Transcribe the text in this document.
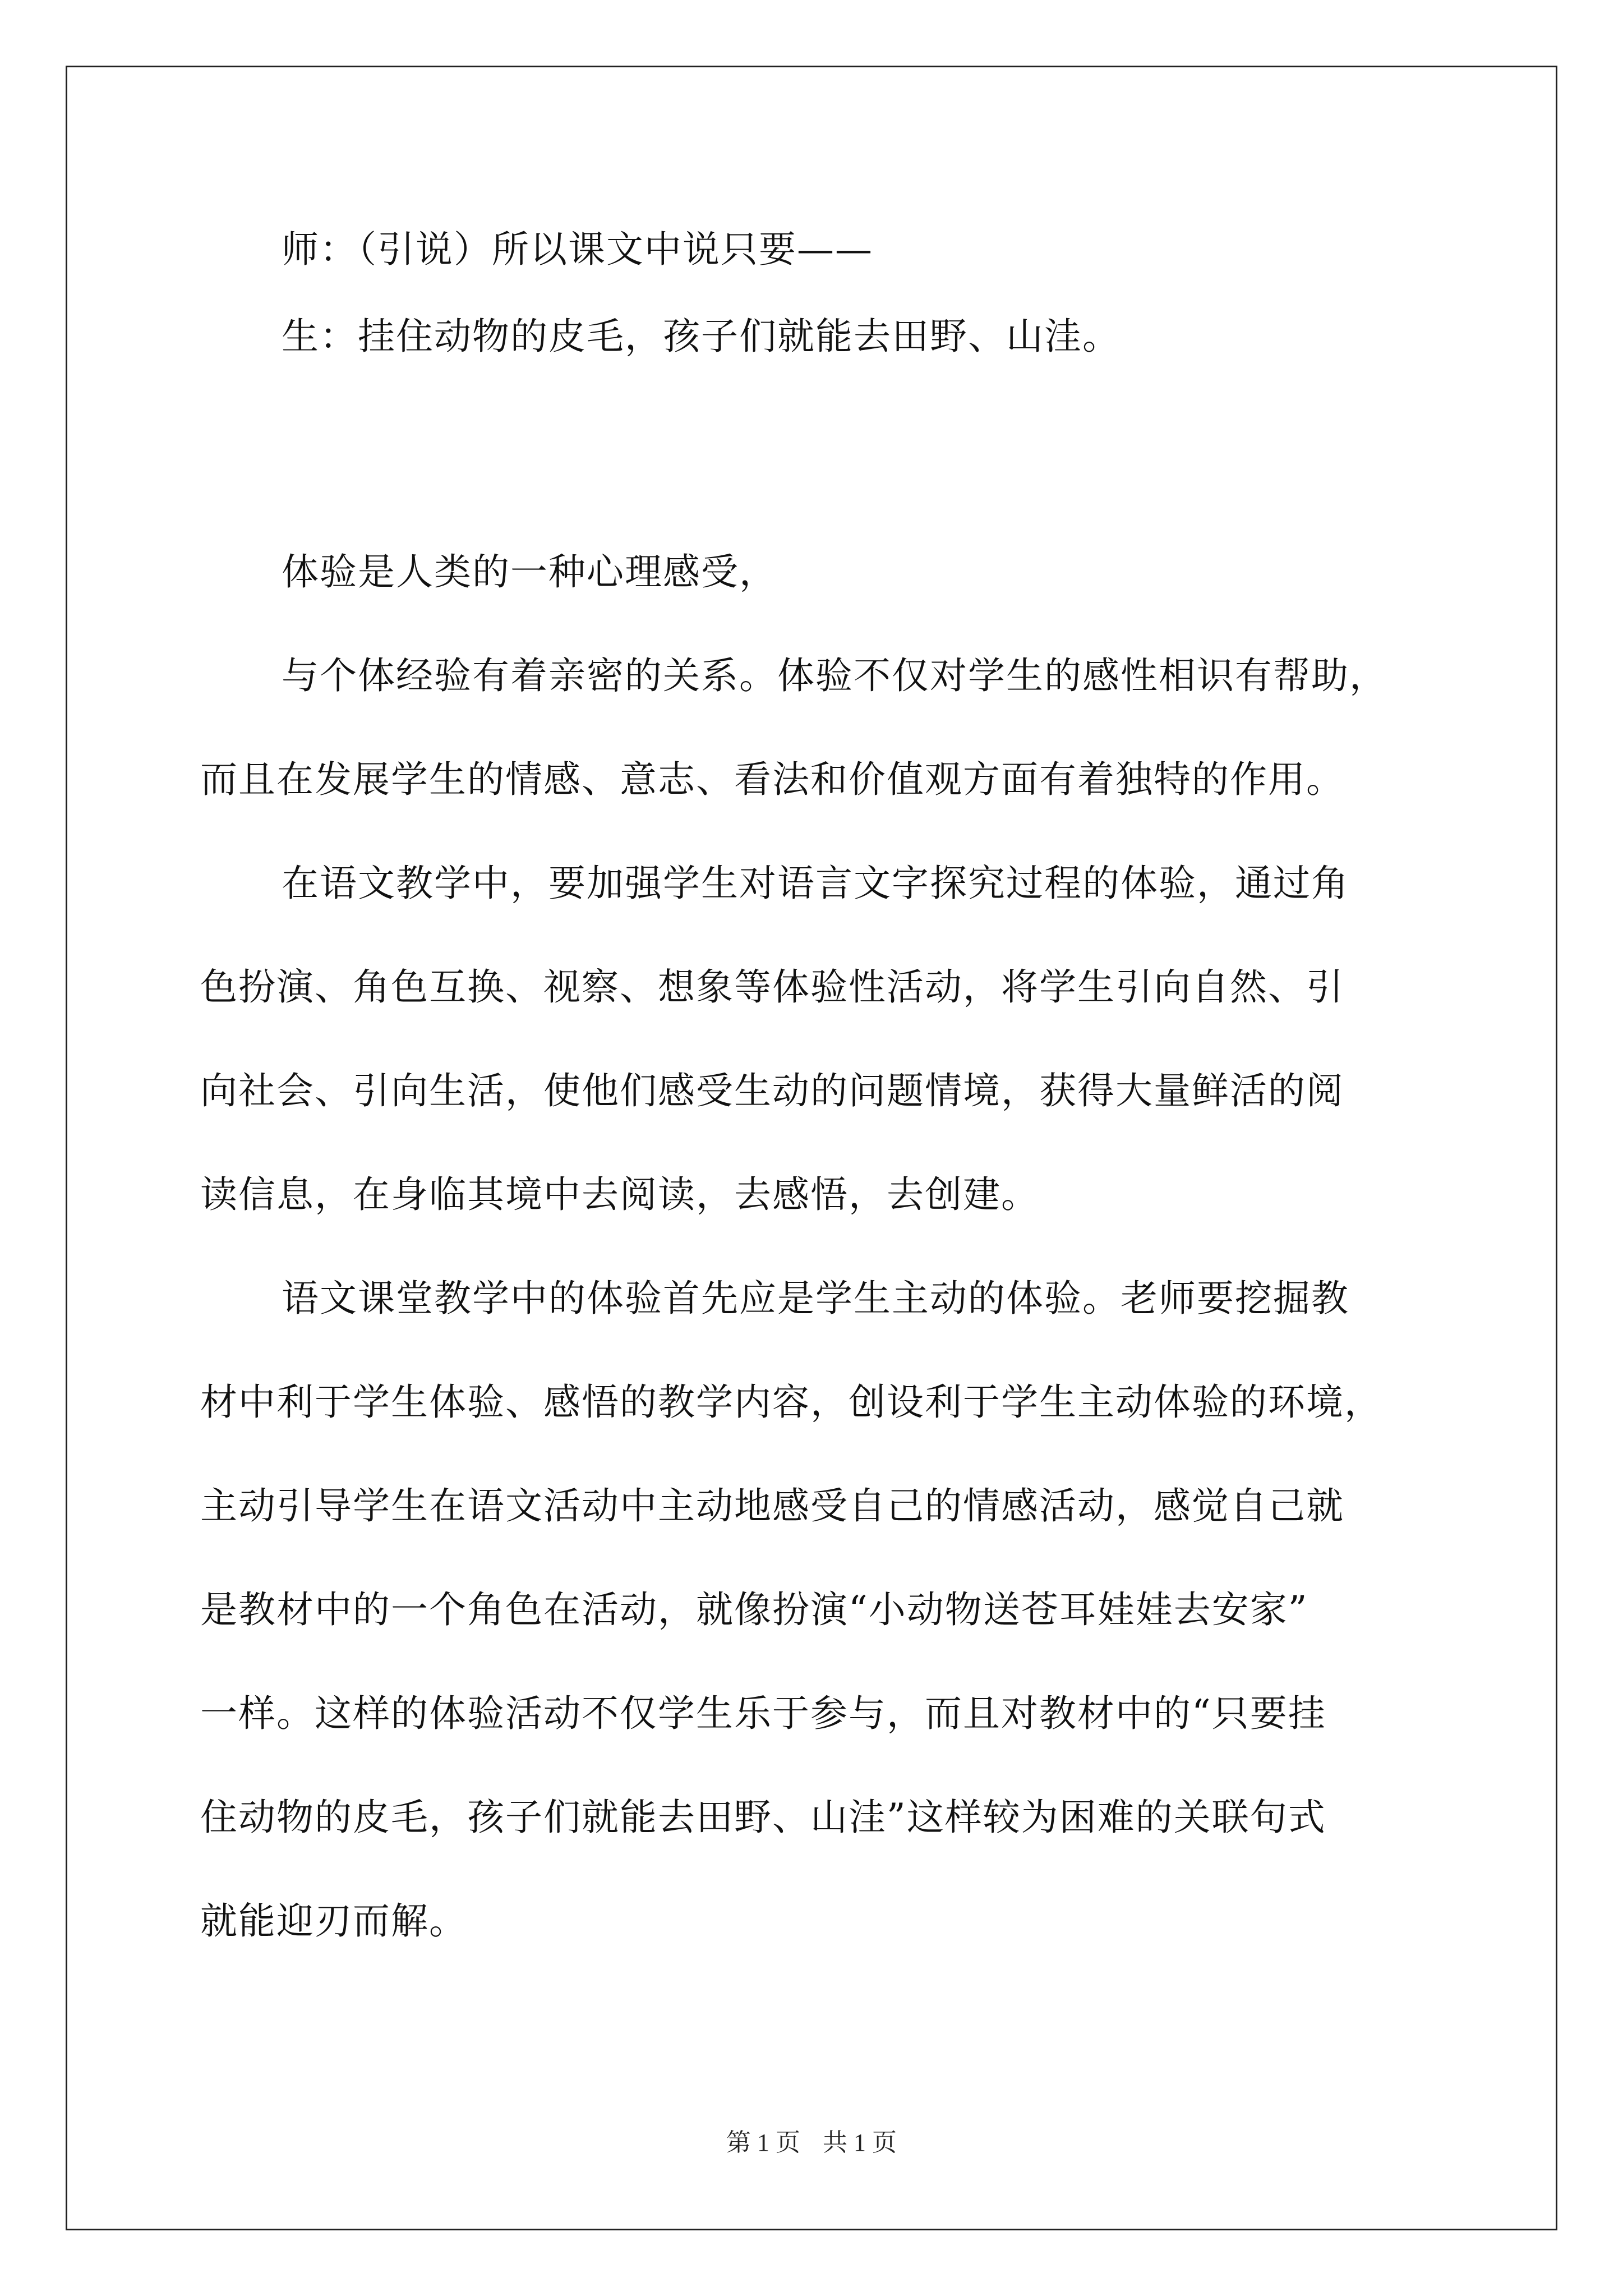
师：（引说）所以课文中说只要——
生：挂住动物的皮毛，孩子们就能去田野、山洼。
体验是人类的一种心理感受，
与个体经验有着亲密的关系。体验不仅对学生的感性相识有帮助，
而且在发展学生的情感、意志、看法和价值观方面有着独特的作用。
在语文教学中，要加强学生对语言文字探究过程的体验，通过角
色扮演、角色互换、视察、想象等体验性活动，将学生引向自然、引
向社会、引向生活，使他们感受生动的问题情境，获得大量鲜活的阅
读信息，在身临其境中去阅读，去感悟，去创建。
语文课堂教学中的体验首先应是学生主动的体验。老师要挖掘教
材中利于学生体验、感悟的教学内容，创设利于学生主动体验的环境，
主动引导学生在语文活动中主动地感受自己的情感活动，感觉自己就
是教材中的一个角色在活动，就像扮演“小动物送苍耳娃娃去安家”
一样。这样的体验活动不仅学生乐于参与，而且对教材中的“只要挂
住动物的皮毛，孩子们就能去田野、山洼”这样较为困难的关联句式
就能迎刃而解。
第 1 页 共 1 页
